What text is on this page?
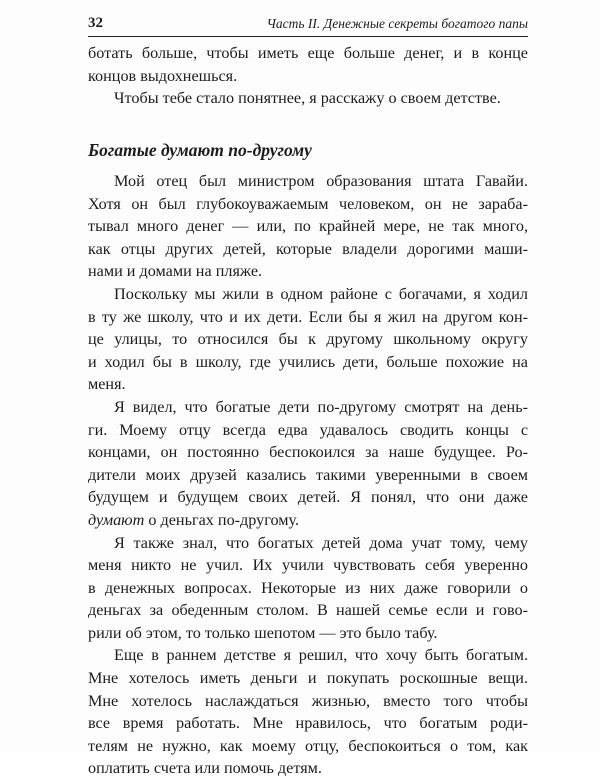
32	Часть II. Денежные секреты богатого папы
ботать больше, чтобы иметь еще больше денег, и в конце
концов выдохнешься.
Чтобы тебе стало понятнее, я расскажу о своем детстве.
Богатые думают по-другому
Мой отец был министром образования штата Гавайи.
Хотя он был глубокоуважаемым человеком, он не зараба-
тывал много денег — или, по крайней мере, не так много,
как отцы других детей, которые владели дорогими маши-
нами и домами на пляже.
Поскольку мы жили в одном районе с богачами, я ходил
в ту же школу, что и их дети. Если бы я жил на другом кон-
це улицы, то относился бы к другому школьному округу
и ходил бы в школу, где учились дети, больше похожие на
меня.
Я видел, что богатые дети по-другому смотрят на день-
ги. Моему отцу всегда едва удавалось сводить концы с
концами, он постоянно беспокоился за наше будущее. Ро-
дители моих друзей казались такими уверенными в своем
будущем и будущем своих детей. Я понял, что они даже
думают о деньгах по-другому.
Я также знал, что богатых детей дома учат тому, чему
меня никто не учил. Их учили чувствовать себя уверенно
в денежных вопросах. Некоторые из них даже говорили о
деньгах за обеденным столом. В нашей семье если и гово-
рили об этом, то только шепотом — это было табу.
Еще в раннем детстве я решил, что хочу быть богатым.
Мне хотелось иметь деньги и покупать роскошные вещи.
Мне хотелось наслаждаться жизнью, вместо того чтобы
все время работать. Мне нравилось, что богатым роди-
телям не нужно, как моему отцу, беспокоиться о том, как
оплатить счета или помочь детям.
